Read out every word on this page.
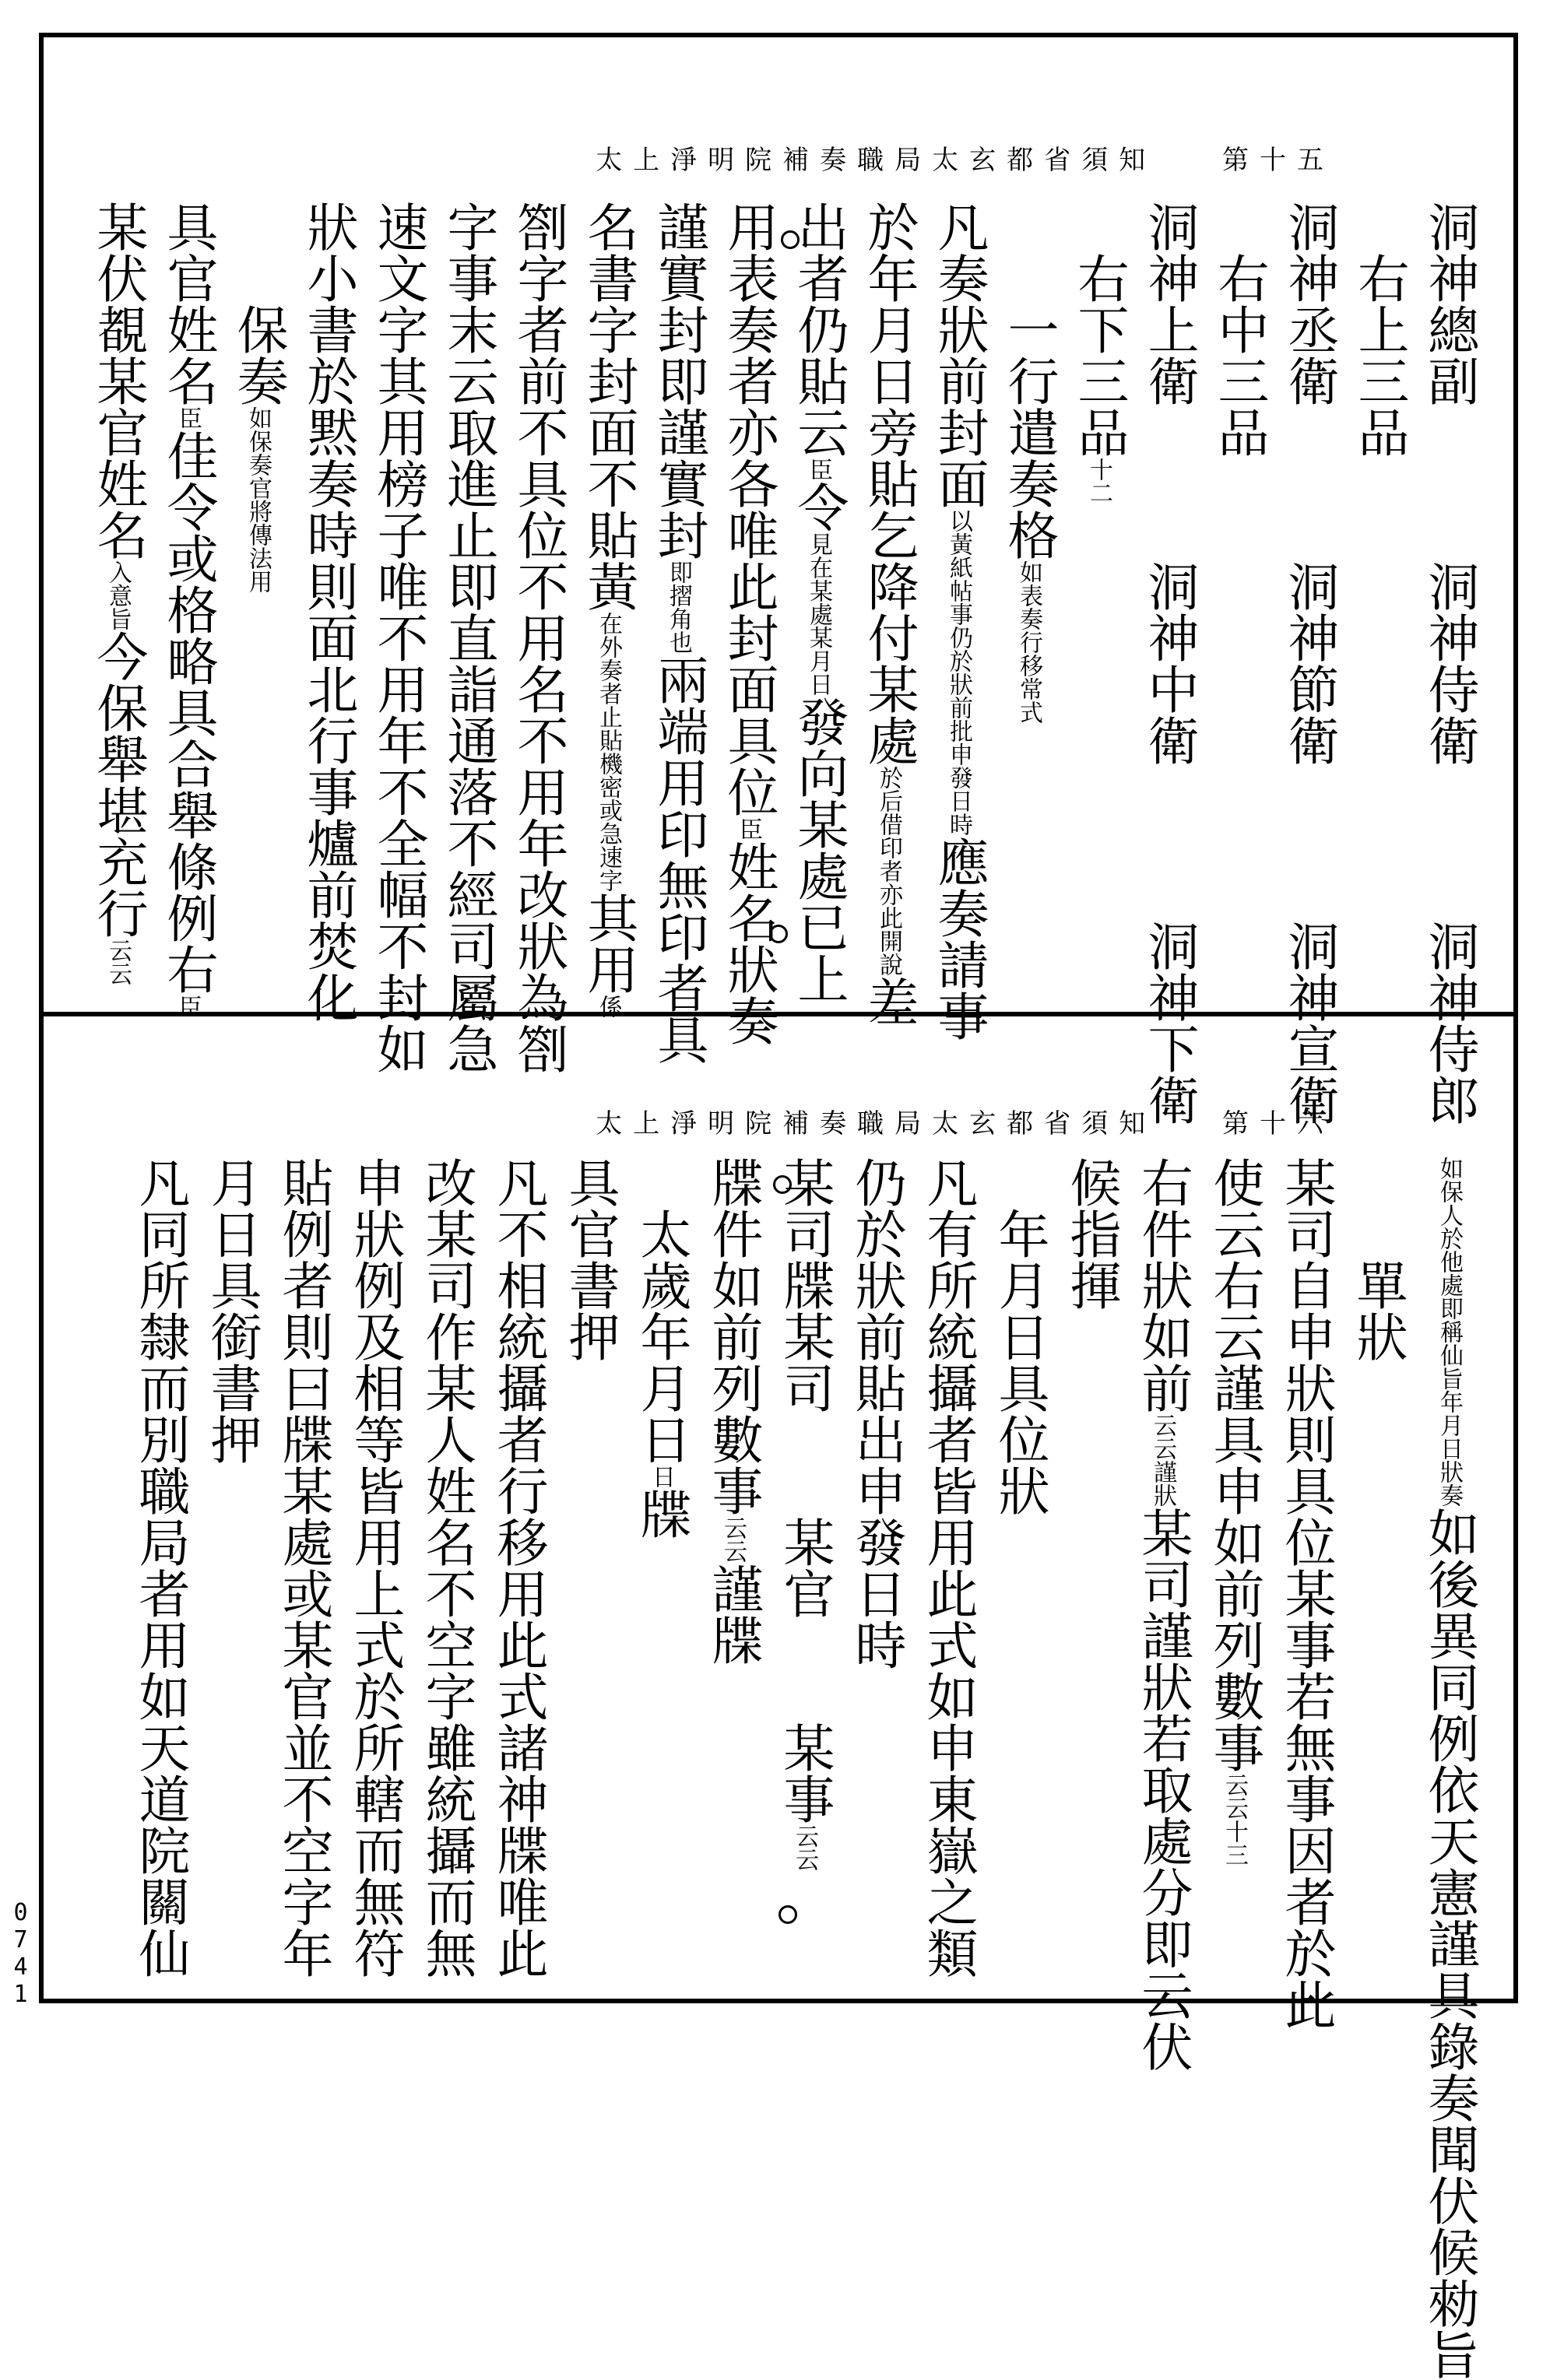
0741
太上淨明院補奏職局太玄都省須知 第十五
洞神總副　　　洞神侍衛　　　洞神侍郎
　右上三品
洞神丞衛　　　洞神節衛　　　洞神宣衛
　右中三品
洞神上衛　　　洞神中衛　　　洞神下衛
　右下三品十二
　　一行遣奏格如表奏行移常式
凡奏狀前封面以黃紙帖事仍於狀前批申發日時應奏請事
於年月日旁貼乞降付某處於后借印者亦此開說差
出者仍貼云臣令見在某處某月日發向某處已上
用表奏者亦各唯此封面具位臣姓名狀奏
謹實封即謹實封即摺角也兩端用印無印者具
名書字封面不貼黃在外奏者止貼機密或急速字其用係
劄字者前不具位不用名不用年改狀為劄
字事末云取進止即直詣通落不經司屬急
速文字其用榜子唯不用年不全幅不封如
狀小書於黙奏時則面北行事爐前焚化
　　保奏如保奏官將傳法用
具官姓名臣佳令或格略具合舉條例右臣
某伏覩某官姓名入意旨今保舉堪充行云云
太上淨明院補奏職局太玄都省須知 第十六
如保人於他處即稱仙旨年月日狀奏如後異同例依天憲謹具錄奏聞伏候勑旨
　　單狀
某司自申狀則具位某事若無事因者於此
使云右云謹具申如前列數事云云十三
右件狀如前云云謹狀某司謹狀若取處分即云伏
候指揮
　年月日具位狀
凡有所統攝者皆用此式如申東嶽之類
仍於狀前貼出申發日時
某司牒某司　　某官　　某事云云
牒件如前列數事云云謹牒
　太歲年月日日牒
具官書押
凡不相統攝者行移用此式諸神牒唯此
改某司作某人姓名不空字雖統攝而無
申狀例及相等皆用上式於所轄而無符
貼例者則曰牒某處或某官並不空字年
月日具銜書押
凡同所隸而別職局者用如天道院關仙
